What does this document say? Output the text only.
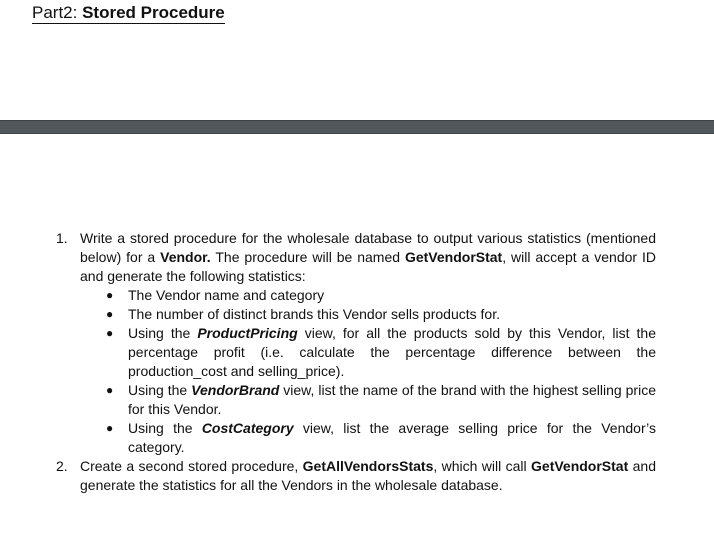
Part2: Stored Procedure
1. Write a stored procedure for the wholesale database to output various statistics (mentioned below) for a Vendor. The procedure will be named GetVendorStat, will accept a vendor ID and generate the following statistics:
● The Vendor name and category
● The number of distinct brands this Vendor sells products for.
● Using the ProductPricing view, for all the products sold by this Vendor, list the percentage profit (i.e. calculate the percentage difference between the production_cost and selling_price).
● Using the VendorBrand view, list the name of the brand with the highest selling price for this Vendor.
● Using the CostCategory view, list the average selling price for the Vendor’s category.
2. Create a second stored procedure, GetAllVendorsStats, which will call GetVendorStat and generate the statistics for all the Vendors in the wholesale database.
